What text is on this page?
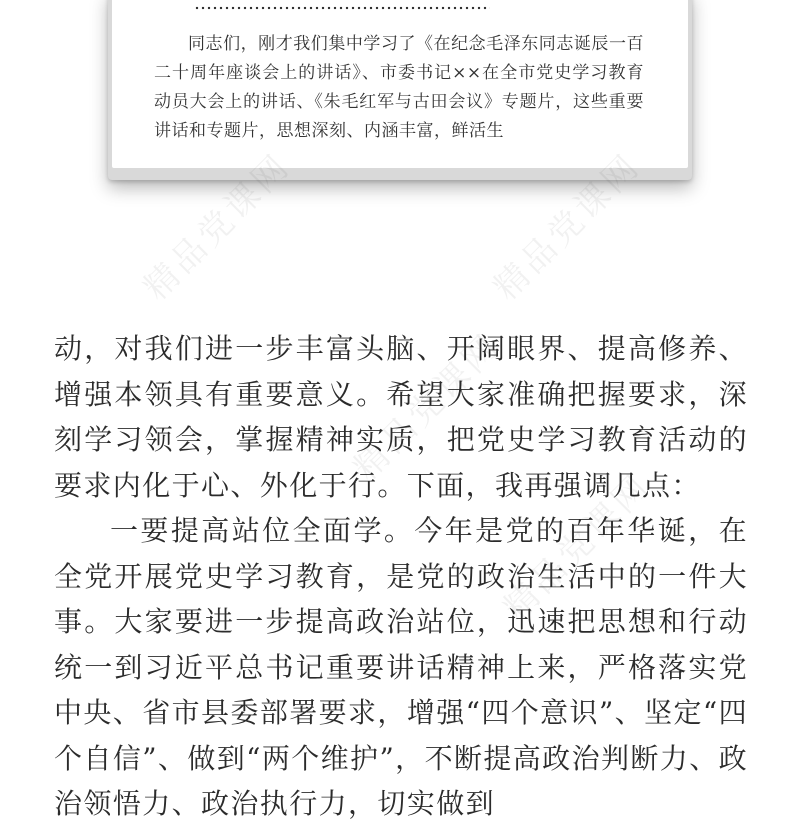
同志们，刚才我们集中学习了《在纪念毛泽东同志诞辰一百二十周年座谈会上的讲话》、市委书记××在全市党史学习教育动员大会上的讲话、《朱毛红军与古田会议》专题片，这些重要讲话和专题片，思想深刻、内涵丰富，鲜活生

精品党课网	精品党课网
精品党课网
精品党课网

动，对我们进一步丰富头脑、开阔眼界、提高修养、增强本领具有重要意义。希望大家准确把握要求，深刻学习领会，掌握精神实质，把党史学习教育活动的要求内化于心、外化于行。下面，我再强调几点：

一要提高站位全面学。今年是党的百年华诞，在全党开展党史学习教育，是党的政治生活中的一件大事。大家要进一步提高政治站位，迅速把思想和行动统一到习近平总书记重要讲话精神上来，严格落实党中央、省市县委部署要求，增强“四个意识”、坚定“四个自信”、做到“两个维护”，不断提高政治判断力、政治领悟力、政治执行力，切实做到
